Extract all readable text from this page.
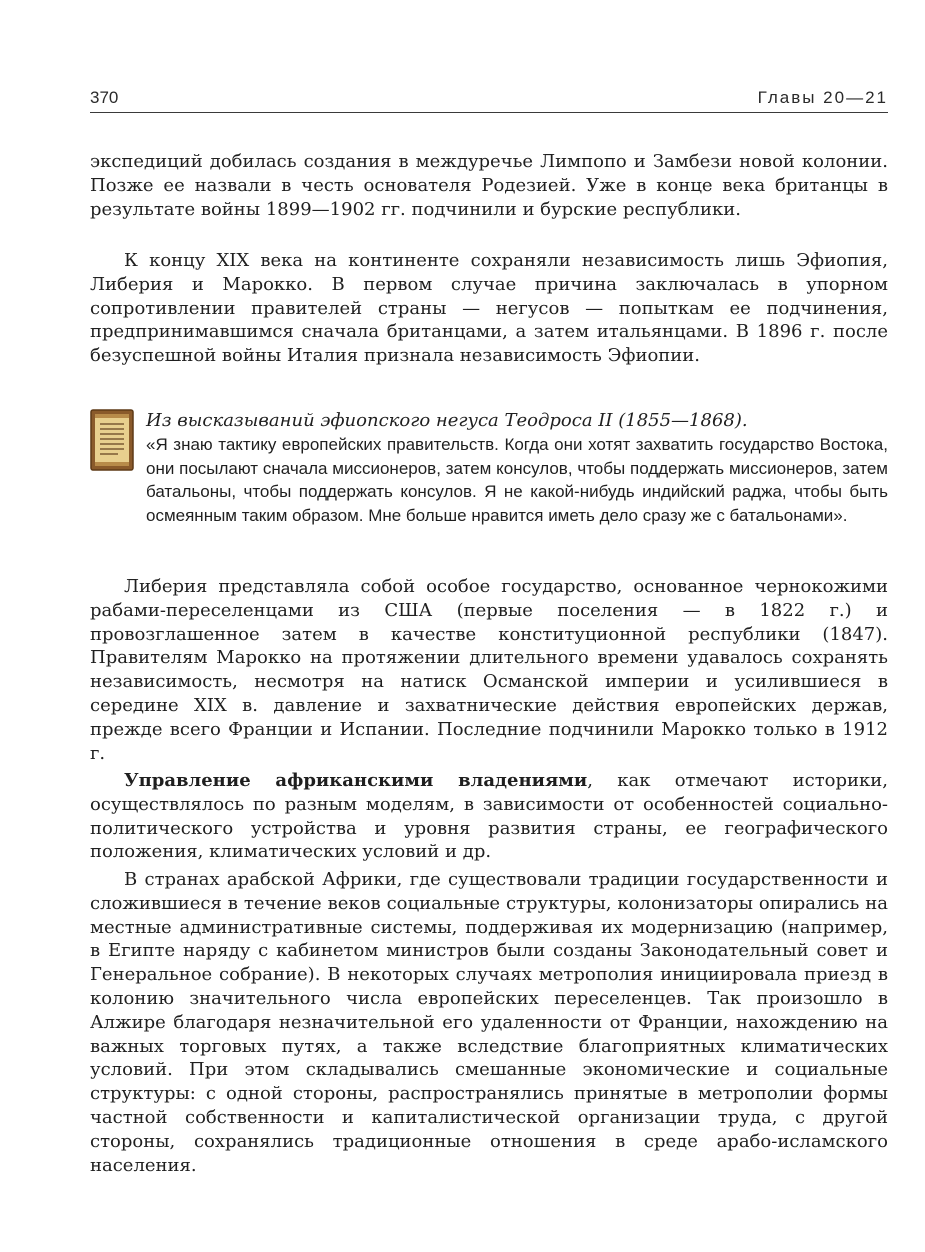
370	Главы 20—21

экспедиций добилась создания в междуречье Лимпопо и Замбези новой колонии. Позже ее назвали в честь основателя Родезией. Уже в конце века британцы в результате войны 1899—1902 гг. подчинили и бурские республики.

К концу XIX века на континенте сохраняли независимость лишь Эфиопия, Либерия и Марокко. В первом случае причина заключалась в упорном сопротивлении правителей страны — негусов — попыткам ее подчинения, предпринимавшимся сначала британцами, а затем итальянцами. В 1896 г. после безуспешной войны Италия признала независимость Эфиопии.

Из высказываний эфиопского негуса Теодроса II (1855—1868).

«Я знаю тактику европейских правительств. Когда они хотят захватить государство Востока, они посылают сначала миссионеров, затем консулов, чтобы поддержать миссионеров, затем батальоны, чтобы поддержать консулов. Я не какой-нибудь индийский раджа, чтобы быть осмеянным таким образом. Мне больше нравится иметь дело сразу же с батальонами».

Либерия представляла собой особое государство, основанное чернокожими рабами-переселенцами из США (первые поселения — в 1822 г.) и провозглашенное затем в качестве конституционной республики (1847). Правителям Марокко на протяжении длительного времени удавалось сохранять независимость, несмотря на натиск Османской империи и усилившиеся в середине XIX в. давление и захватнические действия европейских держав, прежде всего Франции и Испании. Последние подчинили Марокко только в 1912 г.

Управление африканскими владениями, как отмечают историки, осуществлялось по разным моделям, в зависимости от особенностей социально-политического устройства и уровня развития страны, ее географического положения, климатических условий и др.

В странах арабской Африки, где существовали традиции государственности и сложившиеся в течение веков социальные структуры, колонизаторы опирались на местные административные системы, поддерживая их модернизацию (например, в Египте наряду с кабинетом министров были созданы Законодательный совет и Генеральное собрание). В некоторых случаях метрополия инициировала приезд в колонию значительного числа европейских переселенцев. Так произошло в Алжире благодаря незначительной его удаленности от Франции, нахождению на важных торговых путях, а также вследствие благоприятных климатических условий. При этом складывались смешанные экономические и социальные структуры: с одной стороны, распространялись принятые в метрополии формы частной собственности и капиталистической организации труда, с другой стороны, сохранялись традиционные отношения в среде арабо-исламского населения.
